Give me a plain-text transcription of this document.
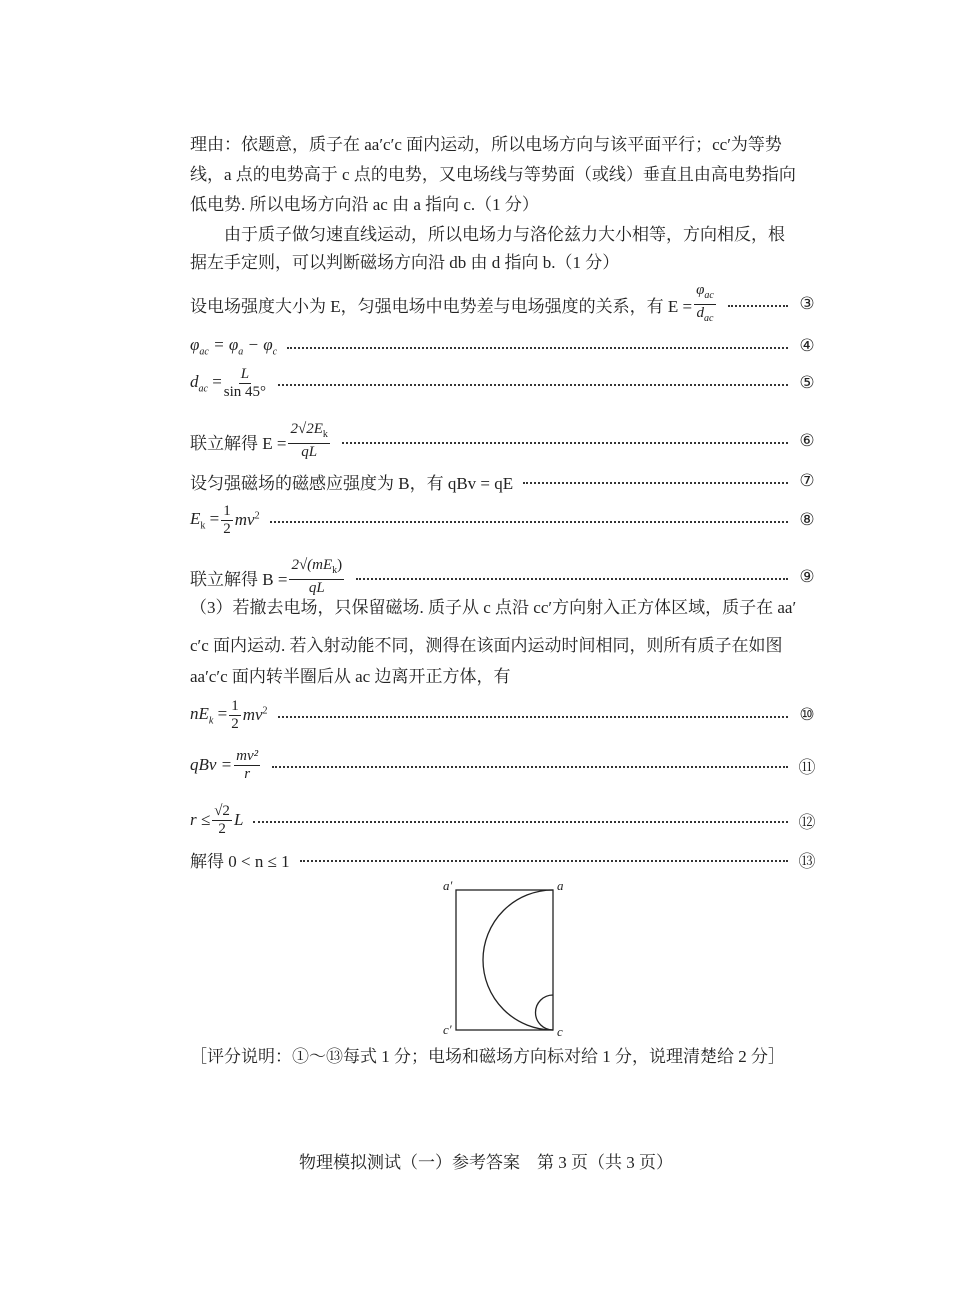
理由：依题意，质子在 aa′c′c 面内运动，所以电场方向与该平面平行；cc′为等势
线，a 点的电势高于 c 点的电势，又电场线与等势面（或线）垂直且由高电势指向
低电势. 所以电场方向沿 ac 由 a 指向 c.（1 分）
由于质子做匀速直线运动，所以电场力与洛伦兹力大小相等，方向相反，根
据左手定则，可以判断磁场方向沿 db 由 d 指向 b.（1 分）
设电场强度大小为 E，匀强电场中电势差与电场强度的关系，有 $E = \frac{\varphi_{ac}}{d_{ac}}$	③
$\varphi_{ac} = \varphi_a - \varphi_c$	④
$d_{ac} = \frac{L}{\sin 45^\circ}$	⑤
联立解得 $E = \frac{2√2E_k}{qL}$	⑥
设匀强磁场的磁感应强度为 B，有 qBv = qE	⑦
$E_k = \frac{1}{2} mv^2$	⑧
联立解得 $B = \frac{2√(mE_k)}{qL}$	⑨
（3）若撤去电场，只保留磁场. 质子从 c 点沿 cc′方向射入正方体区域，质子在 aa′
c′c 面内运动. 若入射动能不同，测得在该面内运动时间相同，则所有质子在如图
aa′c′c 面内转半圈后从 ac 边离开正方体，有
$nE_k = \frac{1}{2} mv^2$	⑩
qBv = $\frac{\text{mv²}}{r}$	⑪
$r \le \frac{√2}{2}$ L	⑫
解得 0 < n ≤ 1	⑬
a′	a
c′	c
［评分说明：①～⑬每式 1 分；电场和磁场方向标对给 1 分，说理清楚给 2 分］
物理模拟测试（一）参考答案　第 3 页（共 3 页）
